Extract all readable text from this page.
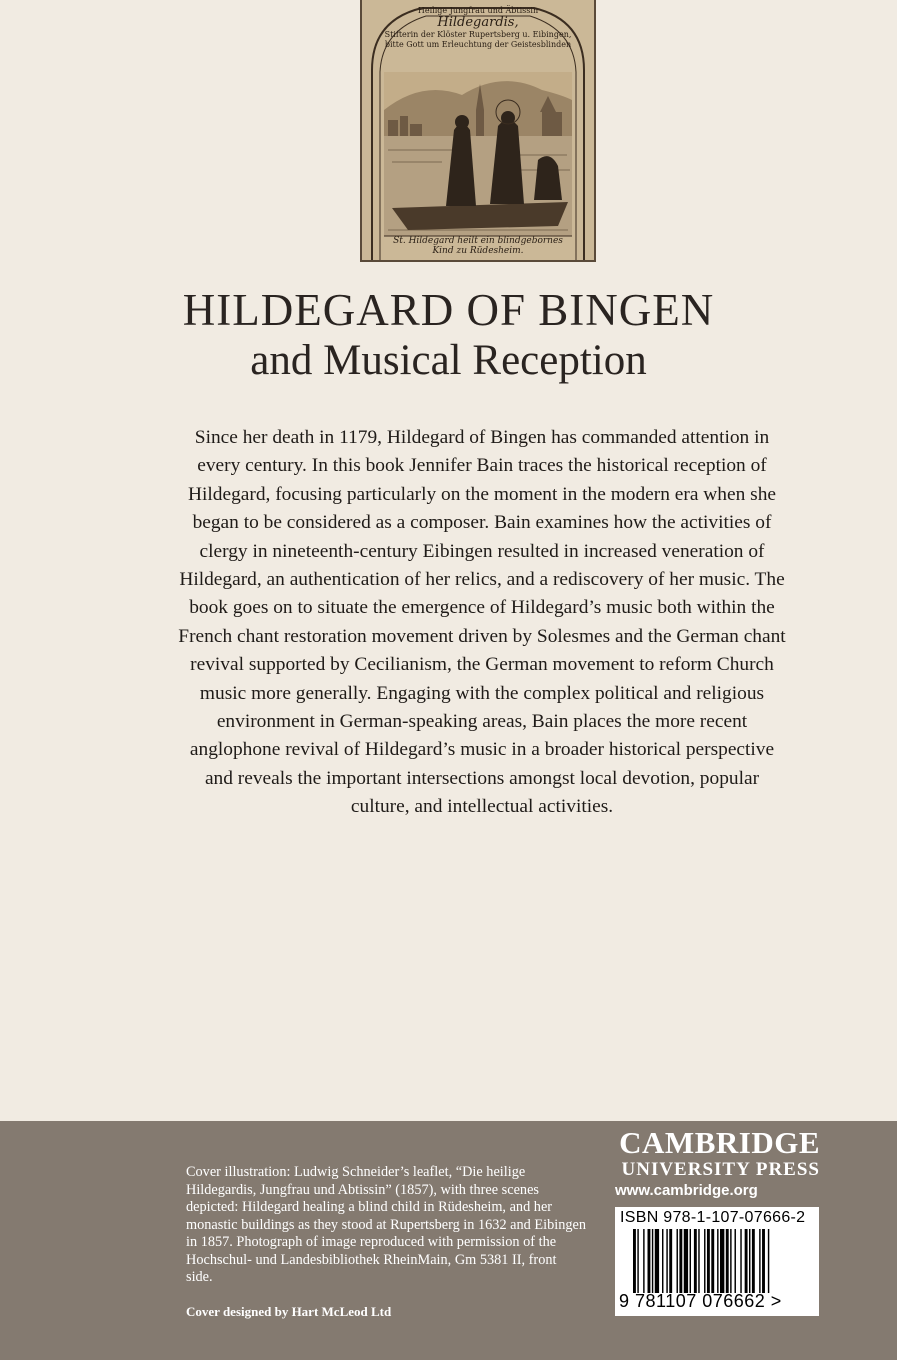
Heilige Jungfrau und Äbtissin
Hildegardis,
Stifterin der Klöster Rupertsberg u. Eibingen,
bitte Gott um Erleuchtung der Geistesblinden
St. Hildegard heilt ein blindgebornes Kind zu Rüdesheim.
HILDEGARD OF BINGEN
and Musical Reception
Since her death in 1179, Hildegard of Bingen has commanded attention in every century. In this book Jennifer Bain traces the historical reception of Hildegard, focusing particularly on the moment in the modern era when she began to be considered as a composer. Bain examines how the activities of clergy in nineteenth-century Eibingen resulted in increased veneration of Hildegard, an authentication of her relics, and a rediscovery of her music. The book goes on to situate the emergence of Hildegard’s music both within the French chant restoration movement driven by Solesmes and the German chant revival supported by Cecilianism, the German movement to reform Church music more generally. Engaging with the complex political and religious environment in German-speaking areas, Bain places the more recent anglophone revival of Hildegard’s music in a broader historical perspective and reveals the important intersections amongst local devotion, popular culture, and intellectual activities.
Cover illustration: Ludwig Schneider’s leaflet, “Die heilige Hildegardis, Jungfrau und Abtissin” (1857), with three scenes depicted: Hildegard healing a blind child in Rüdesheim, and her monastic buildings as they stood at Rupertsberg in 1632 and Eibingen in 1857. Photograph of image reproduced with permission of the Hochschul- und Landesbibliothek RheinMain, Gm 5381 II, front side.
Cover designed by Hart McLeod Ltd
CAMBRIDGE
UNIVERSITY PRESS
www.cambridge.org
ISBN 978-1-107-07666-2
9 781107 076662 >
